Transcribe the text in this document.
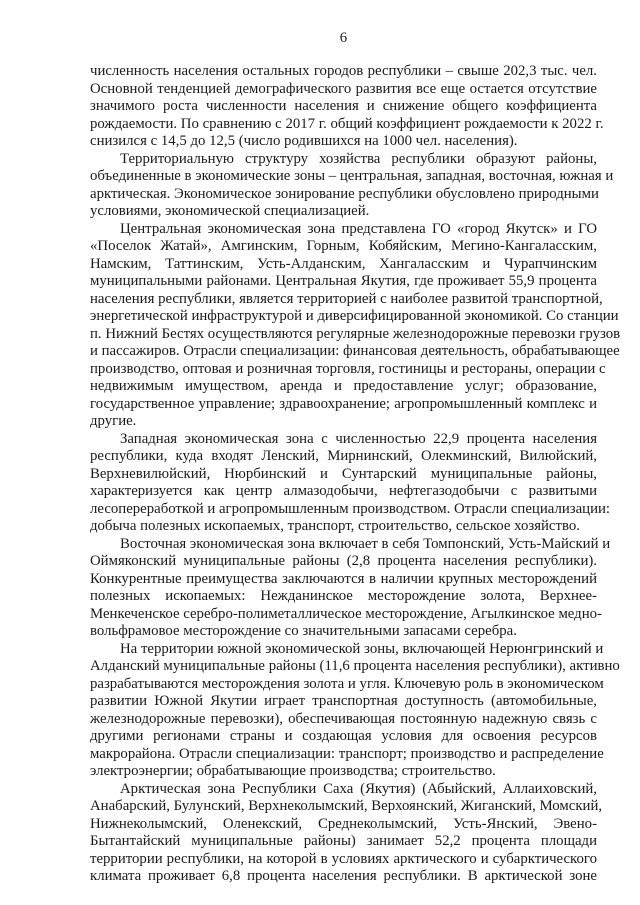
6
численность населения остальных городов республики – свыше 202,3 тыс. чел.
Основной тенденцией демографического развития все еще остается отсутствие
значимого роста численности населения и снижение общего коэффициента
рождаемости. По сравнению с 2017 г. общий коэффициент рождаемости к 2022 г.
снизился с 14,5 до 12,5 (число родившихся на 1000 чел. населения).
Территориальную структуру хозяйства республики образуют районы,
объединенные в экономические зоны – центральная, западная, восточная, южная и
арктическая. Экономическое зонирование республики обусловлено природными
условиями, экономической специализацией.
Центральная экономическая зона представлена ГО «город Якутск» и ГО
«Поселок Жатай», Амгинским, Горным, Кобяйским, Мегино-Кангаласским,
Намским, Таттинским, Усть-Алданским, Хангаласским и Чурапчинским
муниципальными районами. Центральная Якутия, где проживает 55,9 процента
населения республики, является территорией с наиболее развитой транспортной,
энергетической инфраструктурой и диверсифицированной экономикой. Со станции
п. Нижний Бестях осуществляются регулярные железнодорожные перевозки грузов
и пассажиров. Отрасли специализации: финансовая деятельность, обрабатывающее
производство, оптовая и розничная торговля, гостиницы и рестораны, операции с
недвижимым имуществом, аренда и предоставление услуг; образование,
государственное управление; здравоохранение; агропромышленный комплекс и
другие.
Западная экономическая зона с численностью 22,9 процента населения
республики, куда входят Ленский, Мирнинский, Олекминский, Вилюйский,
Верхневилюйский, Нюрбинский и Сунтарский муниципальные районы,
характеризуется как центр алмазодобычи, нефтегазодобычи с развитыми
лесопереработкой и агропромышленным производством. Отрасли специализации:
добыча полезных ископаемых, транспорт, строительство, сельское хозяйство.
Восточная экономическая зона включает в себя Томпонский, Усть-Майский и
Оймяконский муниципальные районы (2,8 процента населения республики).
Конкурентные преимущества заключаются в наличии крупных месторождений
полезных ископаемых: Нежданинское месторождение золота, Верхнее-
Менкеченское серебро-полиметаллическое месторождение, Агылкинское медно-
вольфрамовое месторождение со значительными запасами серебра.
На территории южной экономической зоны, включающей Нерюнгринский и
Алданский муниципальные районы (11,6 процента населения республики), активно
разрабатываются месторождения золота и угля. Ключевую роль в экономическом
развитии Южной Якутии играет транспортная доступность (автомобильные,
железнодорожные перевозки), обеспечивающая постоянную надежную связь с
другими регионами страны и создающая условия для освоения ресурсов
макрорайона. Отрасли специализации: транспорт; производство и распределение
электроэнергии; обрабатывающие производства; строительство.
Арктическая зона Республики Саха (Якутия) (Абыйский, Аллаиховский,
Анабарский, Булунский, Верхнеколымский, Верхоянский, Жиганский, Момский,
Нижнеколымский, Оленекский, Среднеколымский, Усть-Янский, Эвено-
Бытантайский муниципальные районы) занимает 52,2 процента площади
территории республики, на которой в условиях арктического и субарктического
климата проживает 6,8 процента населения республики. В арктической зоне
